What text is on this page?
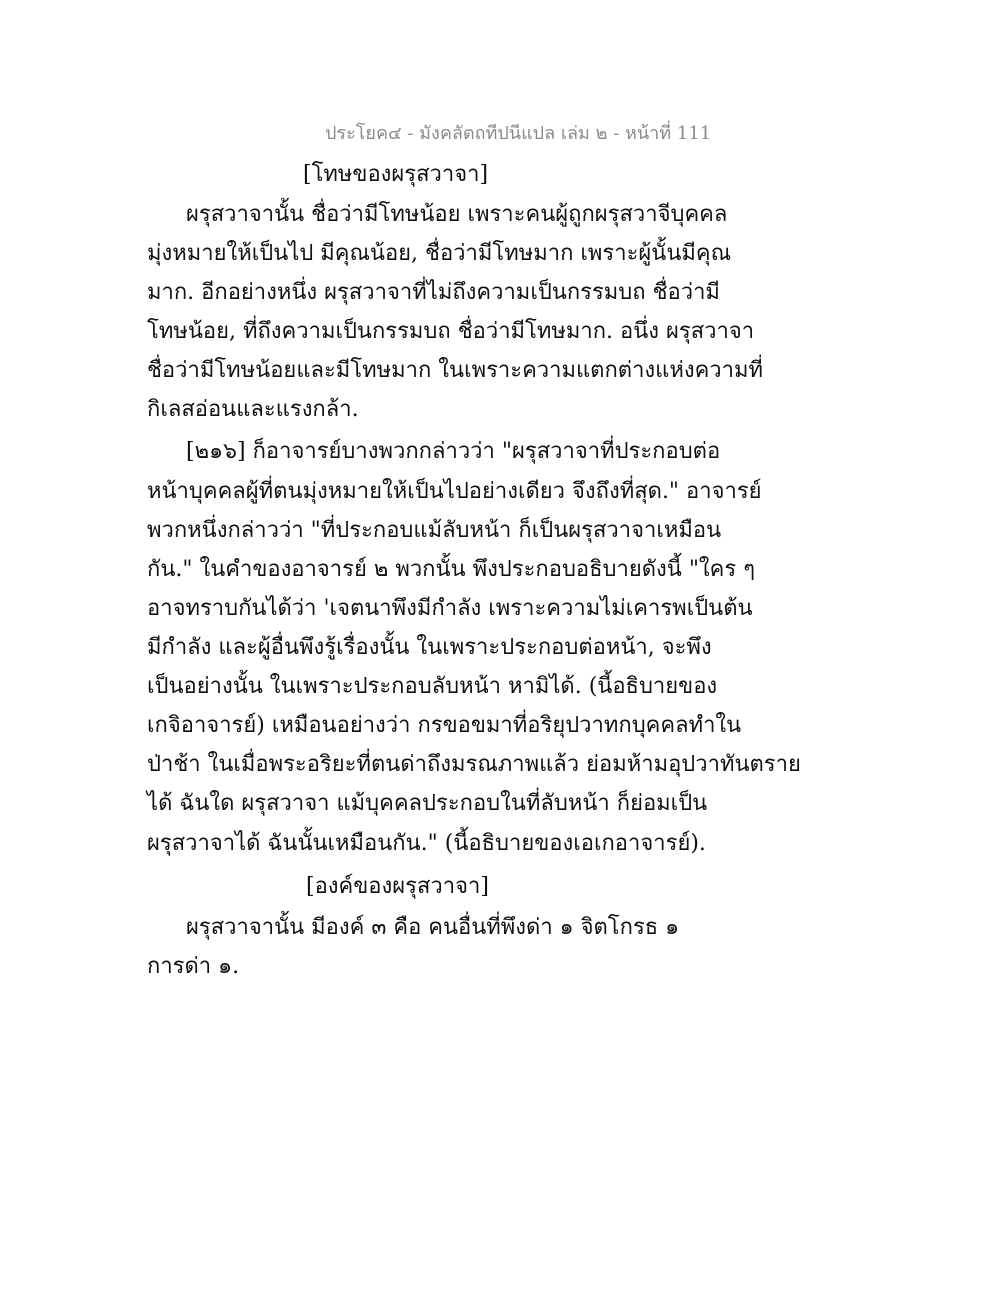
ประโยค๔ - มังคลัตถทีปนีแปล เล่ม ๒ - หน้าที่ 111
[โทษของผรุสวาจา]
ผรุสวาจานั้น ชื่อว่ามีโทษน้อย เพราะคนผู้ถูกผรุสวาจีบุคคล
มุ่งหมายให้เป็นไป มีคุณน้อย, ชื่อว่ามีโทษมาก เพราะผู้นั้นมีคุณ
มาก. อีกอย่างหนึ่ง ผรุสวาจาที่ไม่ถึงความเป็นกรรมบถ ชื่อว่ามี
โทษน้อย, ที่ถึงความเป็นกรรมบถ ชื่อว่ามีโทษมาก. อนึ่ง ผรุสวาจา
ชื่อว่ามีโทษน้อยและมีโทษมาก ในเพราะความแตกต่างแห่งความที่
กิเลสอ่อนและแรงกล้า.
[๒๑๖] ก็อาจารย์บางพวกกล่าวว่า "ผรุสวาจาที่ประกอบต่อ
หน้าบุคคลผู้ที่ตนมุ่งหมายให้เป็นไปอย่างเดียว จึงถึงที่สุด." อาจารย์
พวกหนึ่งกล่าวว่า "ที่ประกอบแม้ลับหน้า ก็เป็นผรุสวาจาเหมือน
กัน." ในคำของอาจารย์ ๒ พวกนั้น พึงประกอบอธิบายดังนี้ "ใคร ๆ
อาจทราบกันได้ว่า 'เจตนาพึงมีกำลัง เพราะความไม่เคารพเป็นต้น
มีกำลัง และผู้อื่นพึงรู้เรื่องนั้น ในเพราะประกอบต่อหน้า, จะพึง
เป็นอย่างนั้น ในเพราะประกอบลับหน้า หามิได้. (นี้อธิบายของ
เกจิอาจารย์) เหมือนอย่างว่า กรขอขมาที่อริยุปวาทกบุคคลทำใน
ป่าช้า ในเมื่อพระอริยะที่ตนด่าถึงมรณภาพแล้ว ย่อมห้ามอุปวาทันตราย
ได้ ฉันใด ผรุสวาจา แม้บุคคลประกอบในที่ลับหน้า ก็ย่อมเป็น
ผรุสวาจาได้ ฉันนั้นเหมือนกัน." (นี้อธิบายของเอเกอาจารย์).
[องค์ของผรุสวาจา]
ผรุสวาจานั้น มีองค์ ๓ คือ คนอื่นที่พึงด่า ๑ จิตโกรธ ๑
การด่า ๑.
